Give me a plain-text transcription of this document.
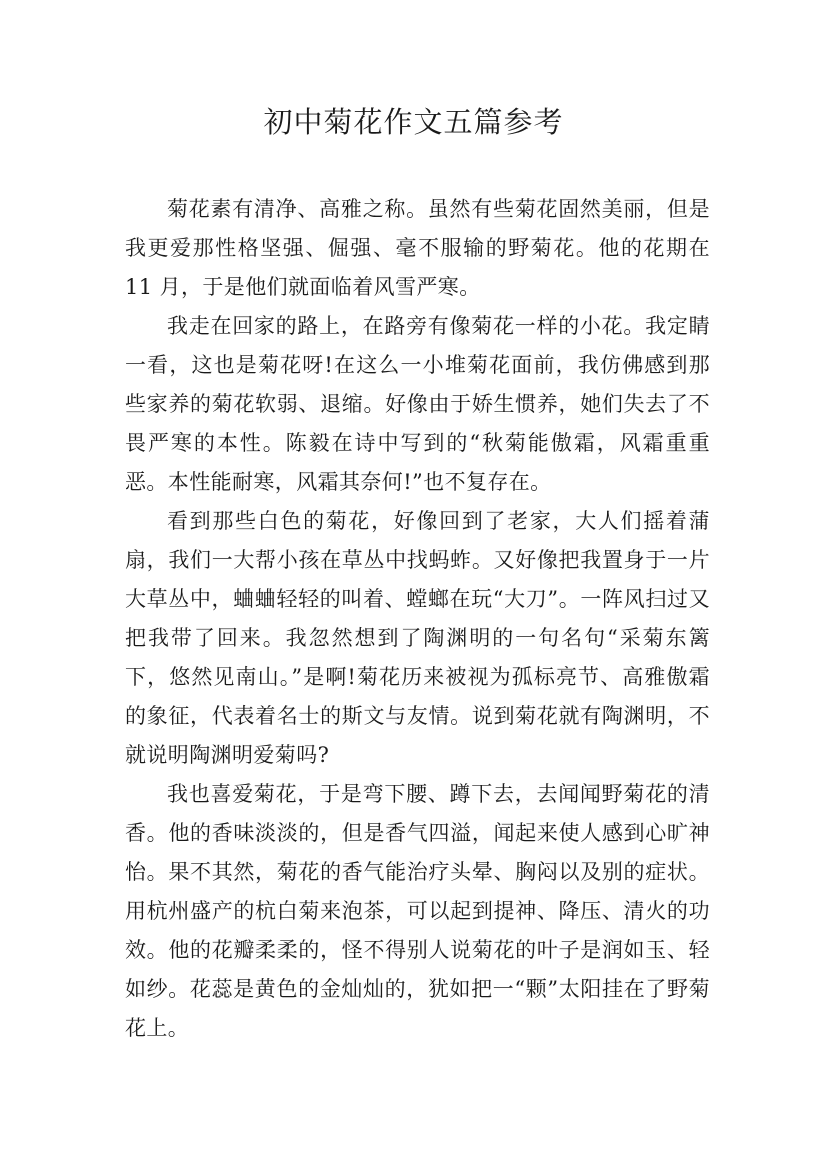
初中菊花作文五篇参考

菊花素有清净、高雅之称。虽然有些菊花固然美丽，但是我更爱那性格坚强、倔强、毫不服输的野菊花。他的花期在 11 月，于是他们就面临着风雪严寒。

我走在回家的路上，在路旁有像菊花一样的小花。我定睛一看，这也是菊花呀!在这么一小堆菊花面前，我仿佛感到那些家养的菊花软弱、退缩。好像由于娇生惯养，她们失去了不畏严寒的本性。陈毅在诗中写到的“秋菊能傲霜，风霜重重恶。本性能耐寒，风霜其奈何!”也不复存在。

看到那些白色的菊花，好像回到了老家，大人们摇着蒲扇，我们一大帮小孩在草丛中找蚂蚱。又好像把我置身于一片大草丛中，蛐蛐轻轻的叫着、螳螂在玩“大刀”。一阵风扫过又把我带了回来。我忽然想到了陶渊明的一句名句“采菊东篱下，悠然见南山。”是啊!菊花历来被视为孤标亮节、高雅傲霜的象征，代表着名士的斯文与友情。说到菊花就有陶渊明，不就说明陶渊明爱菊吗?

我也喜爱菊花，于是弯下腰、蹲下去，去闻闻野菊花的清香。他的香味淡淡的，但是香气四溢，闻起来使人感到心旷神怡。果不其然，菊花的香气能治疗头晕、胸闷以及别的症状。用杭州盛产的杭白菊来泡茶，可以起到提神、降压、清火的功效。他的花瓣柔柔的，怪不得别人说菊花的叶子是润如玉、轻如纱。花蕊是黄色的金灿灿的，犹如把一“颗”太阳挂在了野菊花上。
